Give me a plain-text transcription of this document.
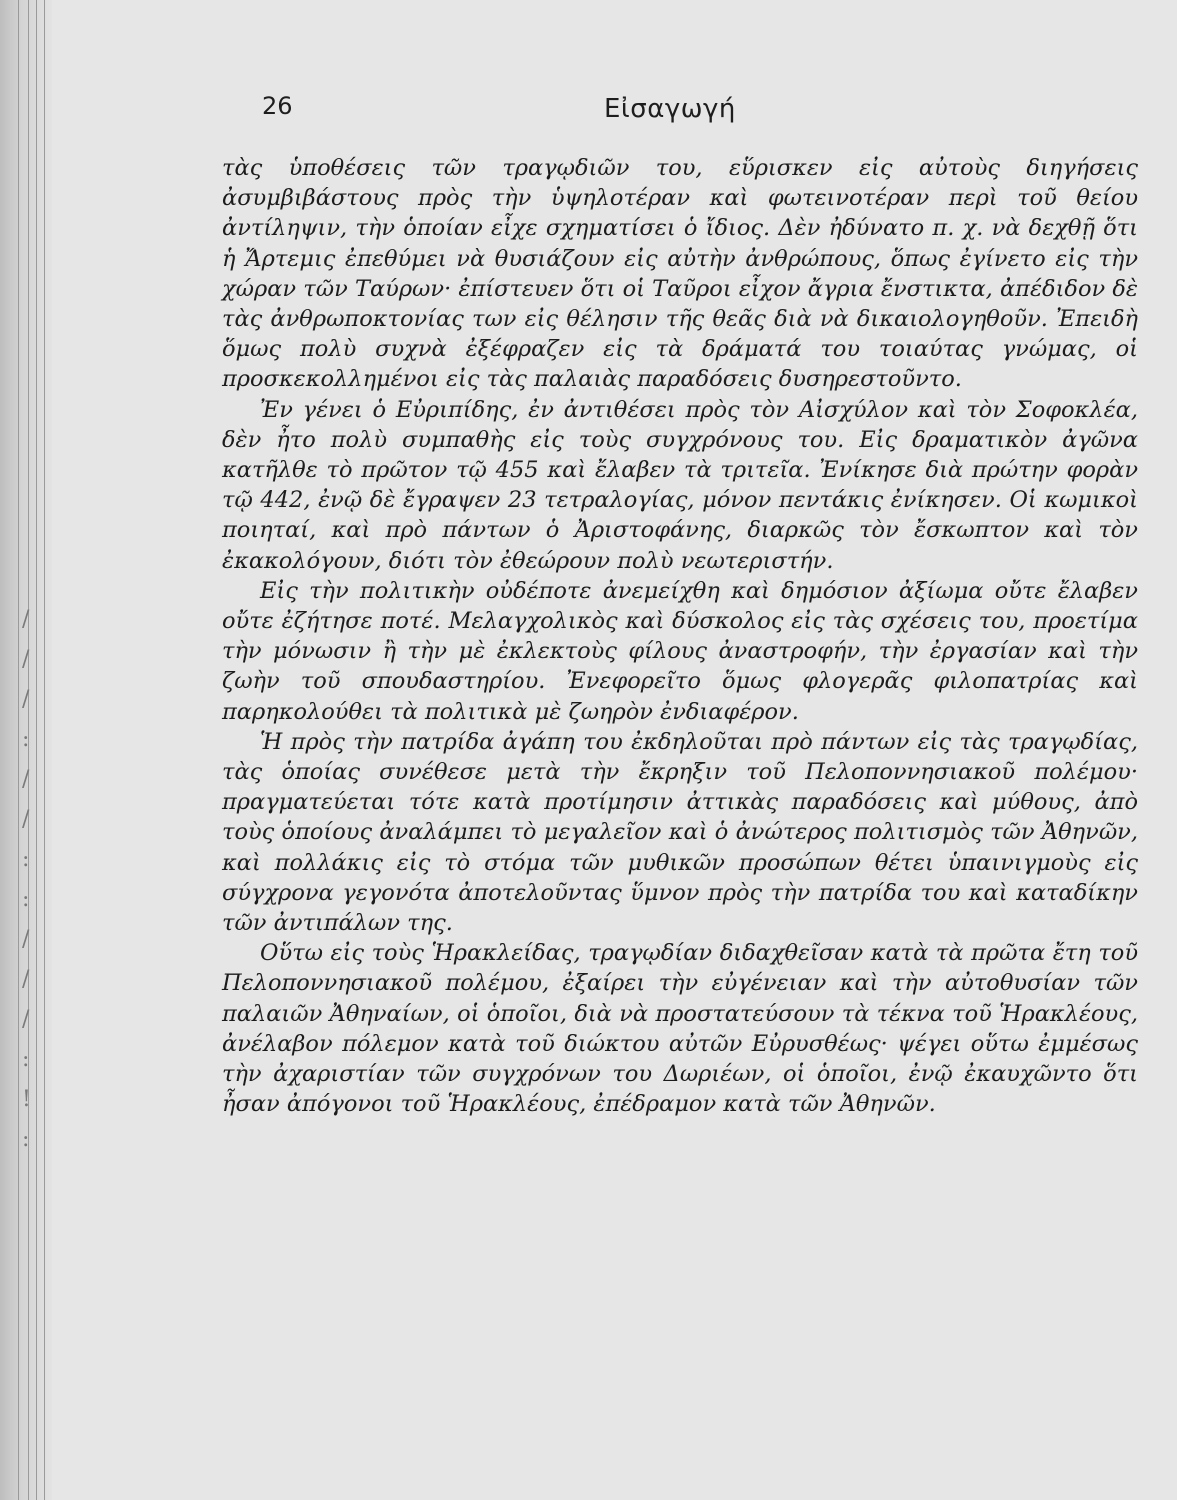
/ / / : / / : : / / / : ! :
26	Εἰσαγωγή

τὰς ὑποθέσεις τῶν τραγῳδιῶν του, εὕρισκεν εἰς αὐτοὺς διηγήσεις ἀσυμβιβάστους πρὸς τὴν ὑψηλοτέραν καὶ φωτεινοτέραν περὶ τοῦ θείου ἀντίληψιν, τὴν ὁποίαν εἶχε σχηματίσει ὁ ἴδιος. Δὲν ἠδύνατο π. χ. νὰ δεχθῇ ὅτι ἡ Ἄρτεμις ἐπεθύμει νὰ θυσιάζουν εἰς αὐτὴν ἀνθρώπους, ὅπως ἐγίνετο εἰς τὴν χώραν τῶν Ταύρων· ἐπίστευεν ὅτι οἱ Ταῦροι εἶχον ἄγρια ἔνστικτα, ἀπέδιδον δὲ τὰς ἀνθρωποκτονίας των εἰς θέλησιν τῆς θεᾶς διὰ νὰ δικαιολογηθοῦν. Ἐπειδὴ ὅμως πολὺ συχνὰ ἐξέφραζεν εἰς τὰ δράματά του τοιαύτας γνώμας, οἱ προσκεκολλημένοι εἰς τὰς παλαιὰς παραδόσεις δυσηρεστοῦντο.

Ἐν γένει ὁ Εὐριπίδης, ἐν ἀντιθέσει πρὸς τὸν Αἰσχύλον καὶ τὸν Σοφοκλέα, δὲν ἦτο πολὺ συμπαθὴς εἰς τοὺς συγχρόνους του. Εἰς δραματικὸν ἀγῶνα κατῆλθε τὸ πρῶτον τῷ 455 καὶ ἔλαβεν τὰ τριτεῖα. Ἐνίκησε διὰ πρώτην φορὰν τῷ 442, ἐνῷ δὲ ἔγραψεν 23 τετραλογίας, μόνον πεντάκις ἐνίκησεν. Οἱ κωμικοὶ ποιηταί, καὶ πρὸ πάντων ὁ Ἀριστοφάνης, διαρκῶς τὸν ἔσκωπτον καὶ τὸν ἐκακολόγουν, διότι τὸν ἐθεώρουν πολὺ νεωτεριστήν.

Εἰς τὴν πολιτικὴν οὐδέποτε ἀνεμείχθη καὶ δημόσιον ἀξίωμα οὔτε ἔλαβεν οὔτε ἐζήτησε ποτέ. Μελαγχολικὸς καὶ δύσκολος εἰς τὰς σχέσεις του, προετίμα τὴν μόνωσιν ἢ τὴν μὲ ἐκλεκτοὺς φίλους ἀναστροφήν, τὴν ἐργασίαν καὶ τὴν ζωὴν τοῦ σπουδαστηρίου. Ἐνεφορεῖτο ὅμως φλογερᾶς φιλοπατρίας καὶ παρηκολούθει τὰ πολιτικὰ μὲ ζωηρὸν ἐνδιαφέρον.

Ἡ πρὸς τὴν πατρίδα ἀγάπη του ἐκδηλοῦται πρὸ πάντων εἰς τὰς τραγῳδίας, τὰς ὁποίας συνέθεσε μετὰ τὴν ἔκρηξιν τοῦ Πελοποννησιακοῦ πολέμου· πραγματεύεται τότε κατὰ προτίμησιν ἀττικὰς παραδόσεις καὶ μύθους, ἀπὸ τοὺς ὁποίους ἀναλάμπει τὸ μεγαλεῖον καὶ ὁ ἀνώτερος πολιτισμὸς τῶν Ἀθηνῶν, καὶ πολλάκις εἰς τὸ στόμα τῶν μυθικῶν προσώπων θέτει ὑπαινιγμοὺς εἰς σύγχρονα γεγονότα ἀποτελοῦντας ὕμνον πρὸς τὴν πατρίδα του καὶ καταδίκην τῶν ἀντιπάλων της.

Οὕτω εἰς τοὺς Ἡρακλείδας, τραγῳδίαν διδαχθεῖσαν κατὰ τὰ πρῶτα ἔτη τοῦ Πελοποννησιακοῦ πολέμου, ἐξαίρει τὴν εὐγένειαν καὶ τὴν αὐτοθυσίαν τῶν παλαιῶν Ἀθηναίων, οἱ ὁποῖοι, διὰ νὰ προστατεύσουν τὰ τέκνα τοῦ Ἡρακλέους, ἀνέλαβον πόλεμον κατὰ τοῦ διώκτου αὐτῶν Εὐρυσθέως· ψέγει οὕτω ἐμμέσως τὴν ἀχαριστίαν τῶν συγχρόνων του Δωριέων, οἱ ὁποῖοι, ἐνῷ ἐκαυχῶντο ὅτι ἦσαν ἀπόγονοι τοῦ Ἡρακλέους, ἐπέδραμον κατὰ τῶν Ἀθηνῶν.
